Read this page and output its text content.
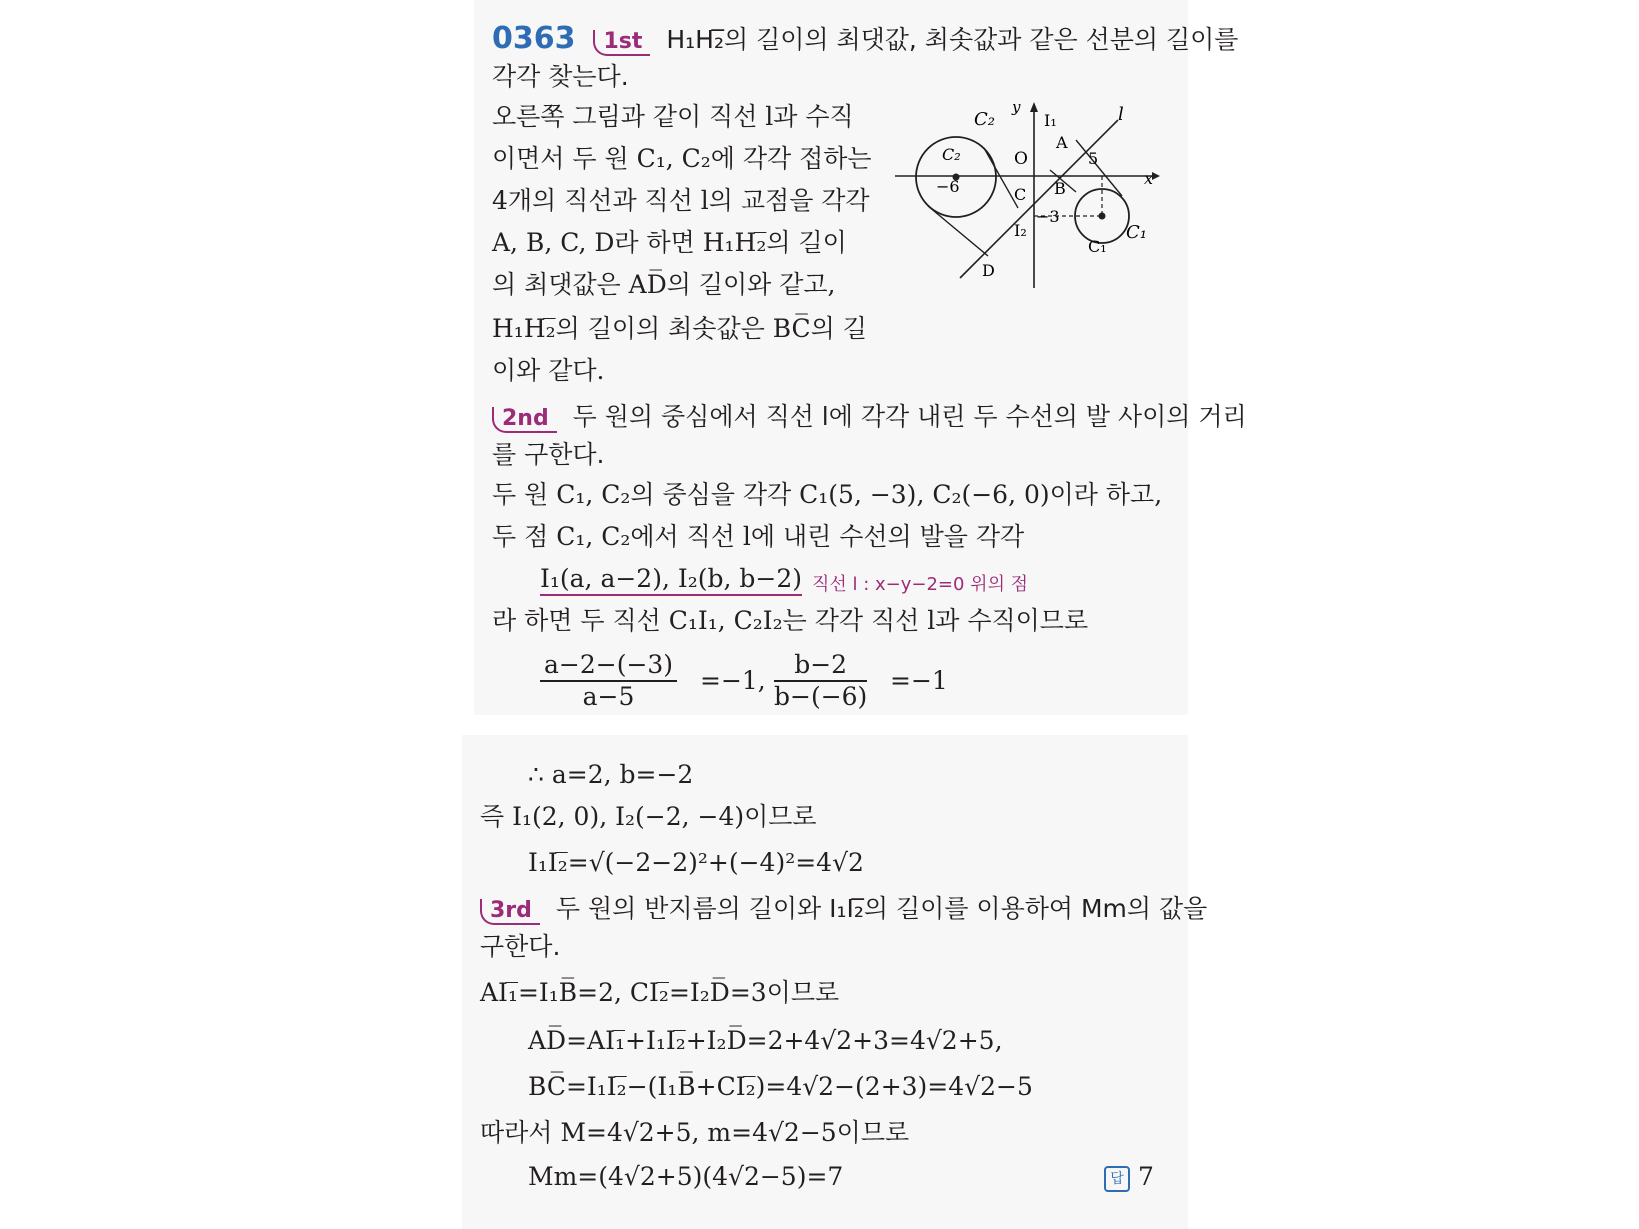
0363 1st H₁H₂̅의 길이의 최댓값, 최솟값과 같은 선분의 길이를
각각 찾는다.
오른쪽 그림과 같이 직선 l과 수직
이면서 두 원 C₁, C₂에 각각 접하는
4개의 직선과 직선 l의 교점을 각각
A, B, C, D라 하면 H₁H₂̅의 길이
의 최댓값은 AD̅의 길이와 같고,
H₁H₂̅의 길이의 최솟값은 BC̅의 길
이와 같다.
C₂
C₂
−6
y
I₁	l
O
A
5
x
C B
−3
I₂
C₁
C₁
D
2nd 두 원의 중심에서 직선 l에 각각 내린 두 수선의 발 사이의 거리
를 구한다.
두 원 C₁, C₂의 중심을 각각 C₁(5, −3), C₂(−6, 0)이라 하고,
두 점 C₁, C₂에서 직선 l에 내린 수선의 발을 각각
I₁(a, a−2), I₂(b, b−2) 직선 l : x−y−2=0 위의 점
라 하면 두 직선 C₁I₁, C₂I₂는 각각 직선 l과 수직이므로
$\frac{a-2-(-3)}{a-5} =-1$, $\frac{b-2}{b-(-6)} =-1$
∴ a=2, b=−2
즉 I₁(2, 0), I₂(−2, −4)이므로
I₁I₂̅=√(−2−2)²+(−4)²=4√2
3rd 두 원의 반지름의 길이와 I₁I₂̅의 길이를 이용하여 Mm의 값을
구한다.
AI₁̅=I₁B̅=2, CI₂̅=I₂D̅=3이므로
AD̅=AI₁̅+I₁I₂̅+I₂D̅=2+4√2+3=4√2+5,
BC̅=I₁I₂̅−(I₁B̅+CI₂̅)=4√2−(2+3)=4√2−5
따라서 M=4√2+5, m=4√2−5이므로
Mm=(4√2+5)(4√2−5)=7	답 7
